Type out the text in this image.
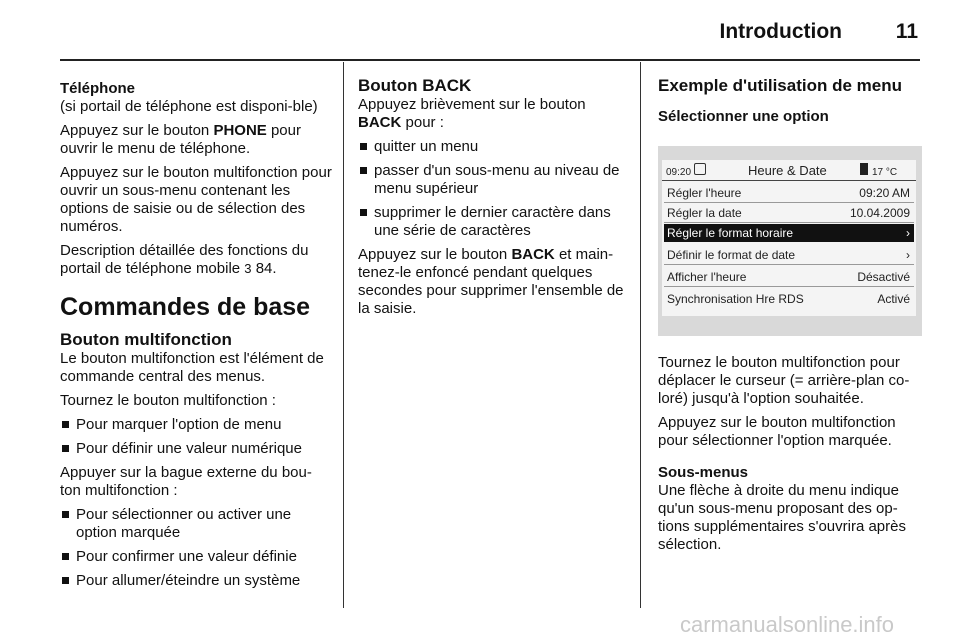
Introduction	11
Téléphone

(si portail de téléphone est disponi-ble)

Appuyez sur le bouton PHONE pour ouvrir le menu de téléphone.

Appuyez sur le bouton multifonction pour ouvrir un sous-menu contenant les options de saisie ou de sélection des numéros.

Description détaillée des fonctions du portail de téléphone mobile 3 84.

Commandes de base
Bouton multifonction

Le bouton multifonction est l'élément de commande central des menus.

Tournez le bouton multifonction :

Pour marquer l'option de menu
Pour définir une valeur numérique

Appuyer sur la bague externe du bou-ton multifonction :

Pour sélectionner ou activer une option marquée
Pour confirmer une valeur définie
Pour allumer/éteindre un système
Bouton BACK

Appuyez brièvement sur le bouton BACK pour :

quitter un menu
passer d'un sous-menu au niveau de menu supérieur
supprimer le dernier caractère dans une série de caractères

Appuyez sur le bouton BACK et main-tenez-le enfoncé pendant quelques secondes pour supprimer l'ensemble de la saisie.

Exemple d'utilisation de menu
Sélectionner une option
09:20	Heure & Date	17 °C
Régler l'heure	09:20 AM
Régler la date	10.04.2009
Régler le format horaire	›
Définir le format de date	›
Afficher l'heure	Désactivé
Synchronisation Hre RDS	Activé

Tournez le bouton multifonction pour déplacer le curseur (= arrière-plan co-loré) jusqu'à l'option souhaitée.

Appuyez sur le bouton multifonction pour sélectionner l'option marquée.

Sous-menus

Une flèche à droite du menu indique qu'un sous-menu proposant des op-tions supplémentaires s'ouvrira après sélection.

carmanualsonline.info
